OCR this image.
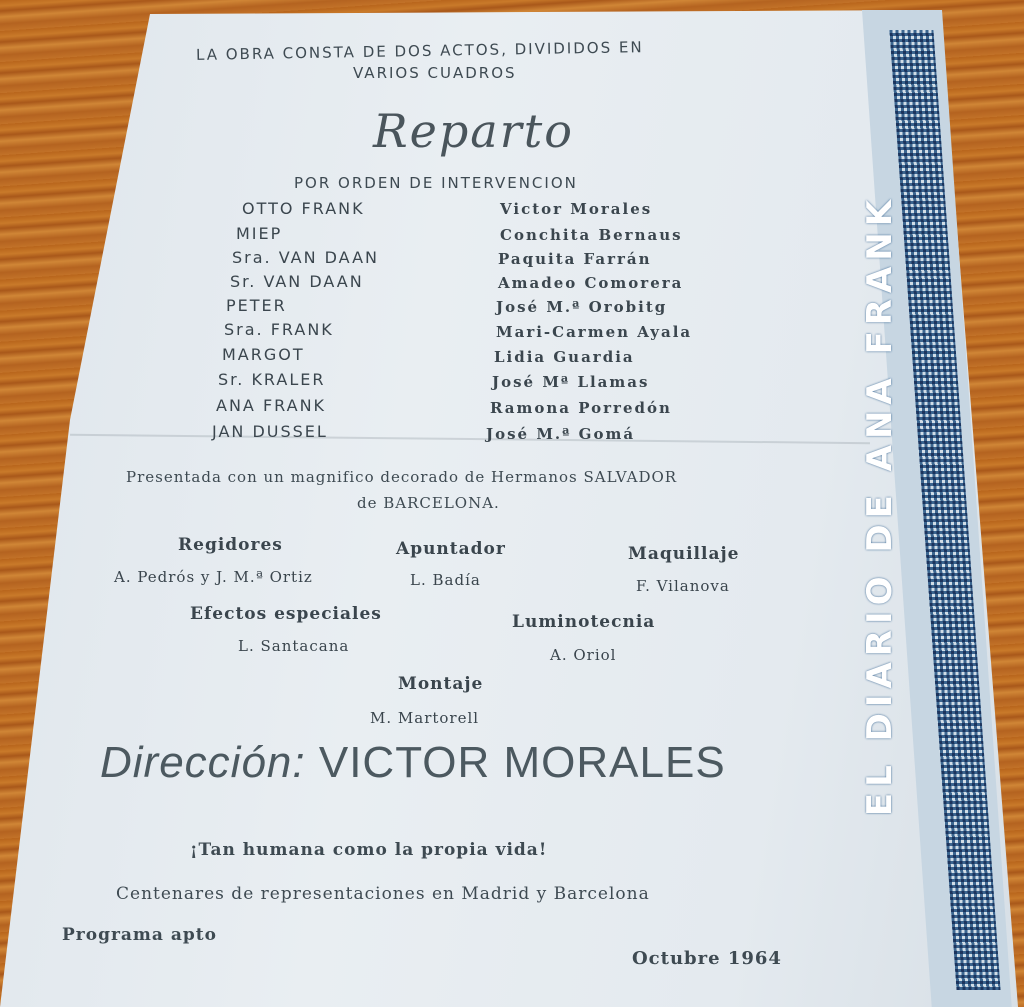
EL DIARIO DE ANA FRANK
LA OBRA CONSTA DE DOS ACTOS, DIVIDIDOS EN
VARIOS CUADROS
Reparto
POR ORDEN DE INTERVENCION
OTTO FRANK	Victor Morales
MIEP	Conchita Bernaus
Sra. VAN DAAN	Paquita Farrán
Sr. VAN DAAN	Amadeo Comorera
PETER	José M.ª Orobitg
Sra. FRANK	Mari-Carmen Ayala
MARGOT	Lidia Guardia
Sr. KRALER	José Mª Llamas
ANA FRANK	Ramona Porredón
JAN DUSSEL	José M.ª Gomá
Presentada con un magnifico decorado de Hermanos SALVADOR
de BARCELONA.
Regidores
A. Pedrós y J. M.ª Ortiz
Apuntador
L. Badía
Maquillaje
F. Vilanova
Efectos especiales
L. Santacana
Luminotecnia
A. Oriol
Montaje
M. Martorell
Dirección: VICTOR MORALES
¡Tan humana como la propia vida!
Centenares de representaciones en Madrid y Barcelona
Programa apto
Octubre 1964
